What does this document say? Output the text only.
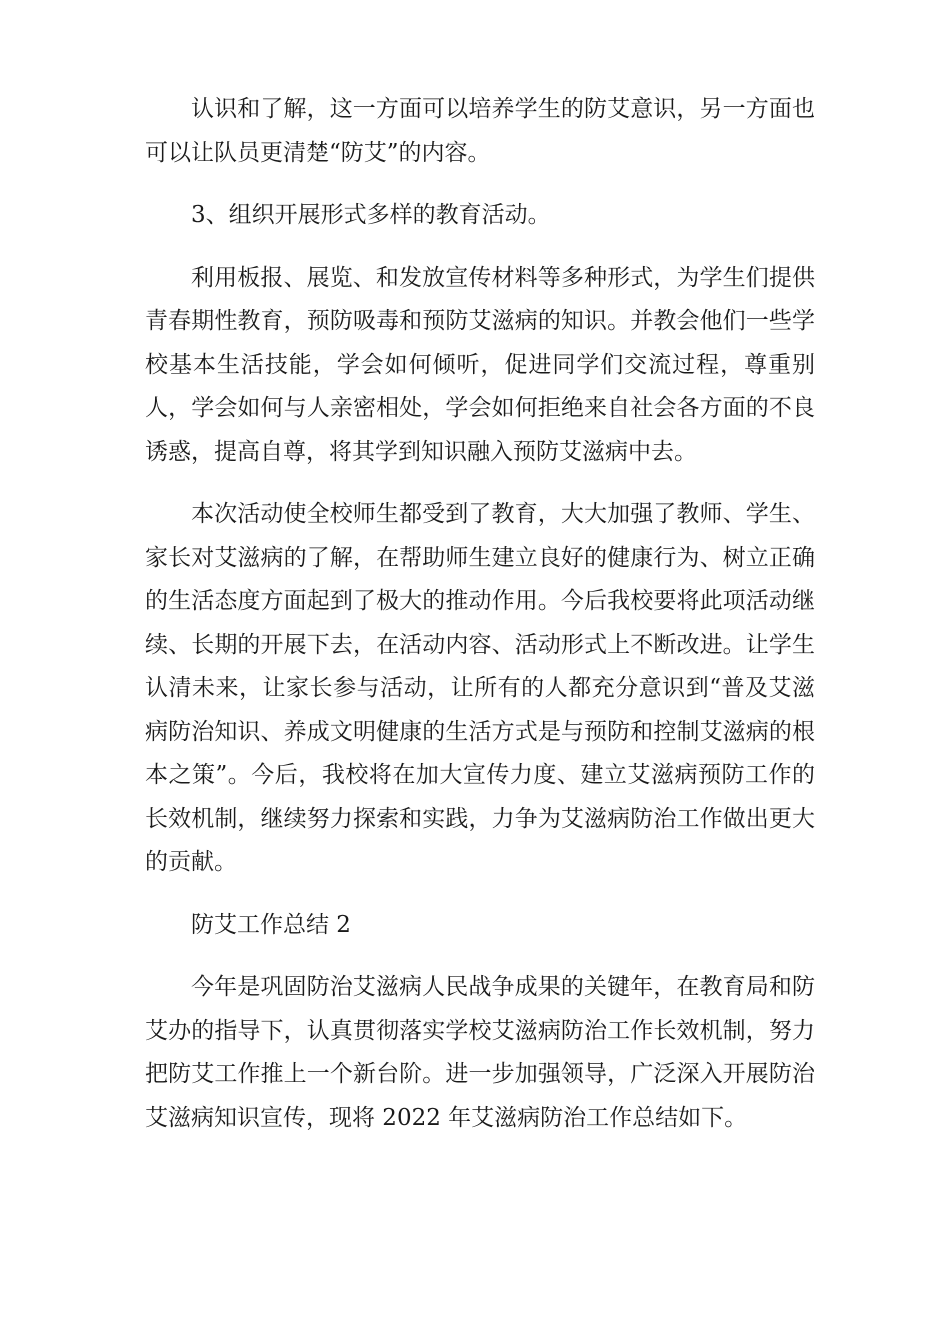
认识和了解，这一方面可以培养学生的防艾意识，另一方面也可以让队员更清楚“防艾”的内容。

3、组织开展形式多样的教育活动。

利用板报、展览、和发放宣传材料等多种形式，为学生们提供青春期性教育，预防吸毒和预防艾滋病的知识。并教会他们一些学校基本生活技能，学会如何倾听，促进同学们交流过程，尊重别人，学会如何与人亲密相处，学会如何拒绝来自社会各方面的不良诱惑，提高自尊，将其学到知识融入预防艾滋病中去。

本次活动使全校师生都受到了教育，大大加强了教师、学生、家长对艾滋病的了解，在帮助师生建立良好的健康行为、树立正确的生活态度方面起到了极大的推动作用。今后我校要将此项活动继续、长期的开展下去，在活动内容、活动形式上不断改进。让学生认清未来，让家长参与活动，让所有的人都充分意识到“普及艾滋病防治知识、养成文明健康的生活方式是与预防和控制艾滋病的根本之策”。今后，我校将在加大宣传力度、建立艾滋病预防工作的长效机制，继续努力探索和实践，力争为艾滋病防治工作做出更大的贡献。

防艾工作总结 2

今年是巩固防治艾滋病人民战争成果的关键年，在教育局和防艾办的指导下，认真贯彻落实学校艾滋病防治工作长效机制，努力把防艾工作推上一个新台阶。进一步加强领导，广泛深入开展防治艾滋病知识宣传，现将 2022 年艾滋病防治工作总结如下。
